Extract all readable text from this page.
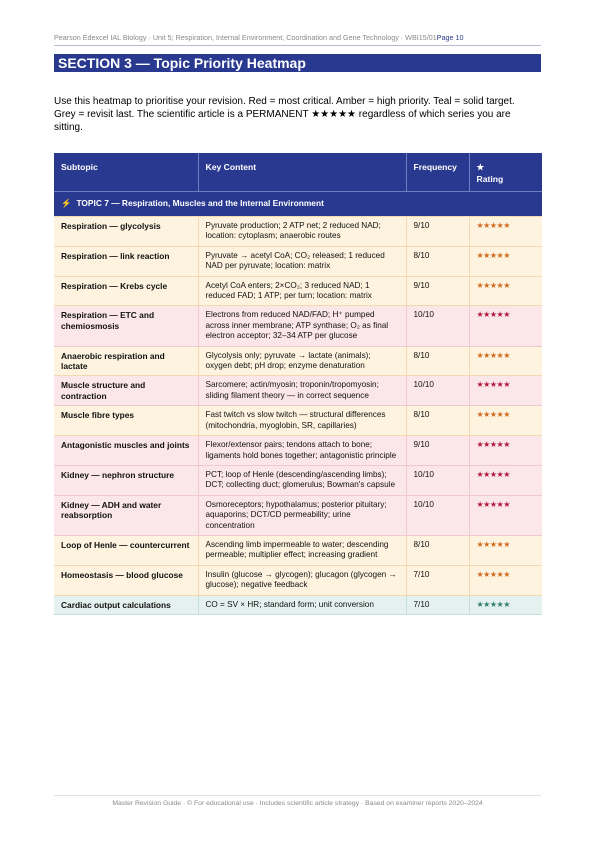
Pearson Edexcel IAL Biology · Unit 5; Respiration, Internal Environment, Coordination and Gene Technology · WBI15/01Page 10
SECTION 3 — Topic Priority Heatmap
Use this heatmap to prioritise your revision. Red = most critical. Amber = high priority. Teal = solid target. Grey = revisit last. The scientific article is a PERMANENT ★★★★★ regardless of which series you are sitting.
Subtopic	Key Content	Frequency	★
Rating
⚡ TOPIC 7 — Respiration, Muscles and the Internal Environment			
Respiration — glycolysis	Pyruvate production; 2 ATP net; 2 reduced NAD; location: cytoplasm; anaerobic routes	9/10	★★★★★
Respiration — link reaction	Pyruvate → acetyl CoA; CO₂ released; 1 reduced NAD per pyruvate; location: matrix	8/10	★★★★★
Respiration — Krebs cycle	Acetyl CoA enters; 2×CO₂; 3 reduced NAD; 1 reduced FAD; 1 ATP; per turn; location: matrix	9/10	★★★★★
Respiration — ETC and chemiosmosis	Electrons from reduced NAD/FAD; H⁺ pumped across inner membrane; ATP synthase; O₂ as final electron acceptor; 32–34 ATP per glucose	10/10	★★★★★
Anaerobic respiration and lactate	Glycolysis only; pyruvate → lactate (animals); oxygen debt; pH drop; enzyme denaturation	8/10	★★★★★
Muscle structure and contraction	Sarcomere; actin/myosin; troponin/tropomyosin; sliding filament theory — in correct sequence	10/10	★★★★★
Muscle fibre types	Fast twitch vs slow twitch — structural differences (mitochondria, myoglobin, SR, capillaries)	8/10	★★★★★
Antagonistic muscles and joints	Flexor/extensor pairs; tendons attach to bone; ligaments hold bones together; antagonistic principle	9/10	★★★★★
Kidney — nephron structure	PCT; loop of Henle (descending/ascending limbs); DCT; collecting duct; glomerulus; Bowman's capsule	10/10	★★★★★
Kidney — ADH and water reabsorption	Osmoreceptors; hypothalamus; posterior pituitary; aquaporins; DCT/CD permeability; urine concentration	10/10	★★★★★
Loop of Henle — countercurrent	Ascending limb impermeable to water; descending permeable; multiplier effect; increasing gradient	8/10	★★★★★
Homeostasis — blood glucose	Insulin (glucose → glycogen); glucagon (glycogen → glucose); negative feedback	7/10	★★★★★
Cardiac output calculations	CO = SV × HR; standard form; unit conversion	7/10	★★★★★
Master Revision Guide · © For educational use · Includes scientific article strategy · Based on examiner reports 2020–2024
